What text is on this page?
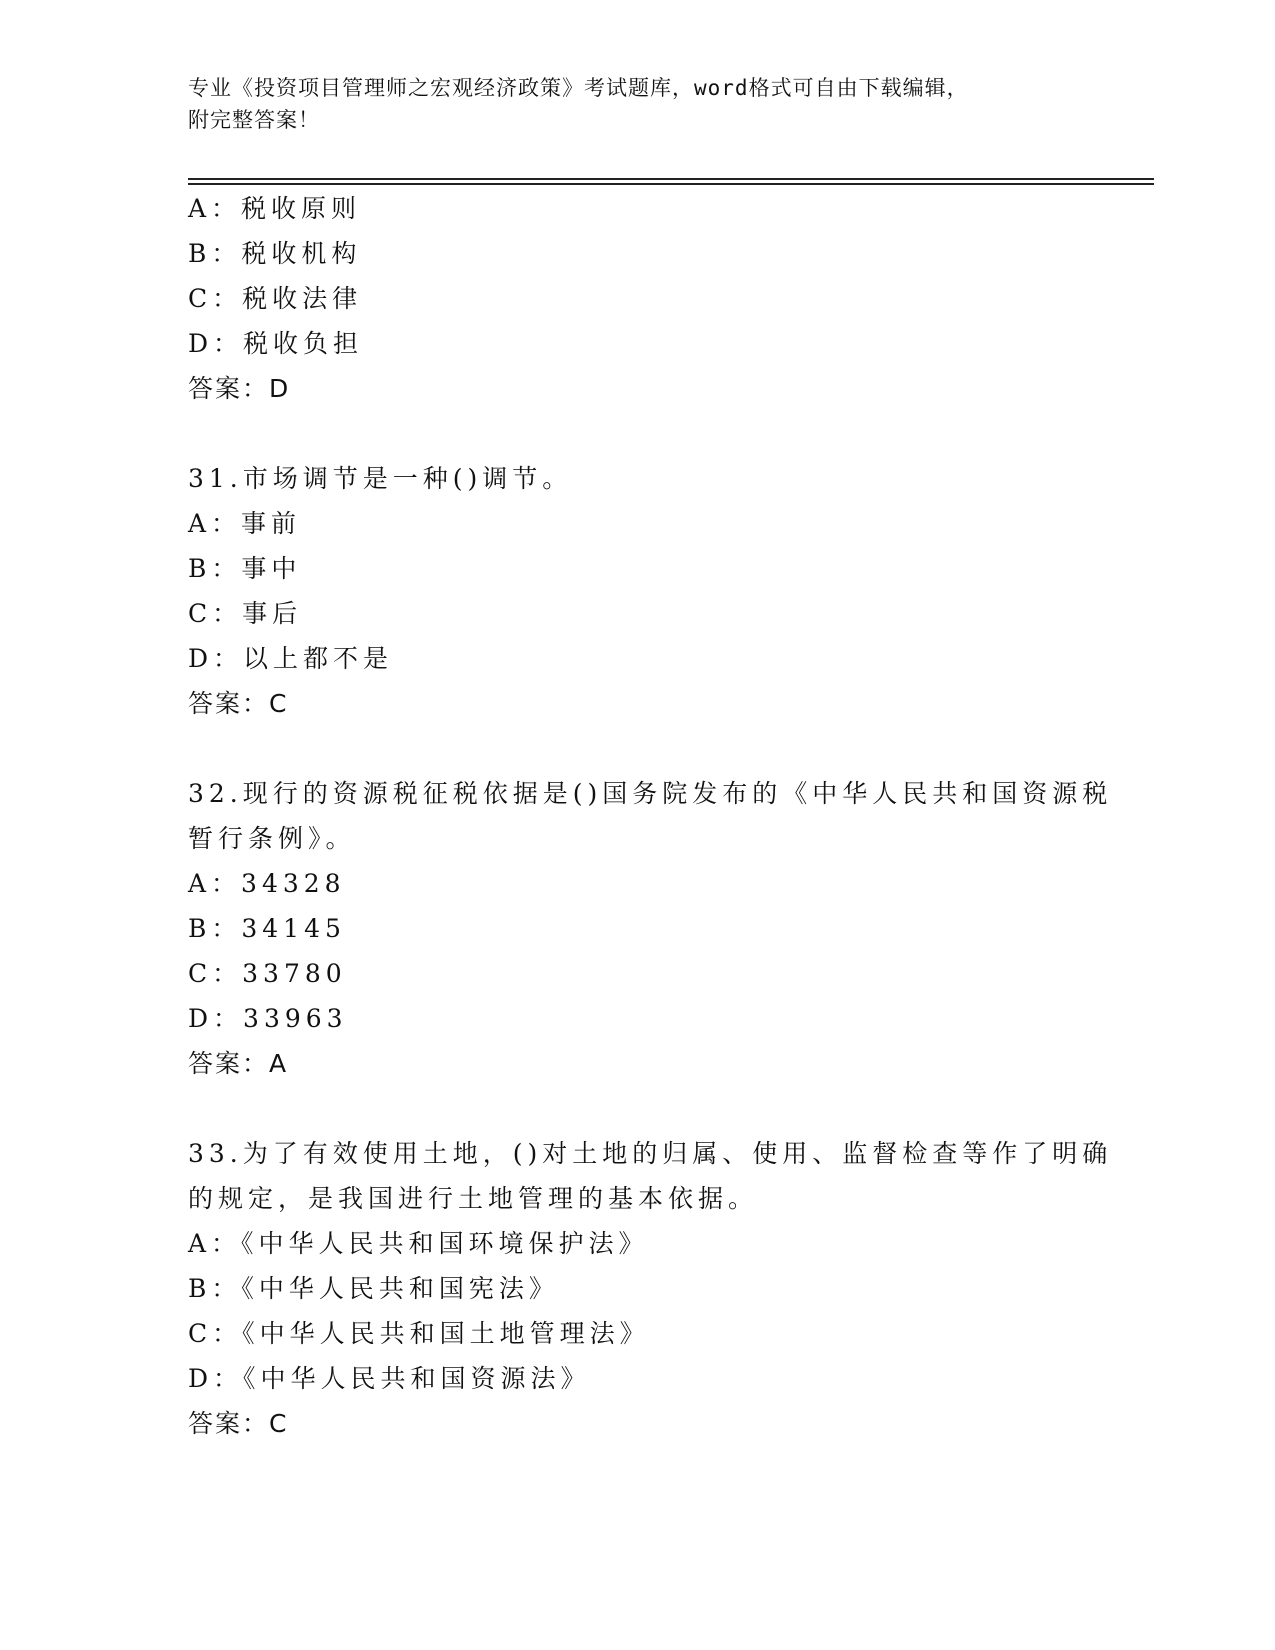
专业《投资项目管理师之宏观经济政策》考试题库，word格式可自由下载编辑，
附完整答案！
A：税收原则
B：税收机构
C：税收法律
D：税收负担
答案：D
31.市场调节是一种()调节。
A：事前
B：事中
C：事后
D：以上都不是
答案：C
32.现行的资源税征税依据是()国务院发布的《中华人民共和国资源税
暂行条例》。
A：34328
B：34145
C：33780
D：33963
答案：A
33.为了有效使用土地，()对土地的归属、使用、监督检查等作了明确
的规定，是我国进行土地管理的基本依据。
A：《中华人民共和国环境保护法》
B：《中华人民共和国宪法》
C：《中华人民共和国土地管理法》
D：《中华人民共和国资源法》
答案：C
